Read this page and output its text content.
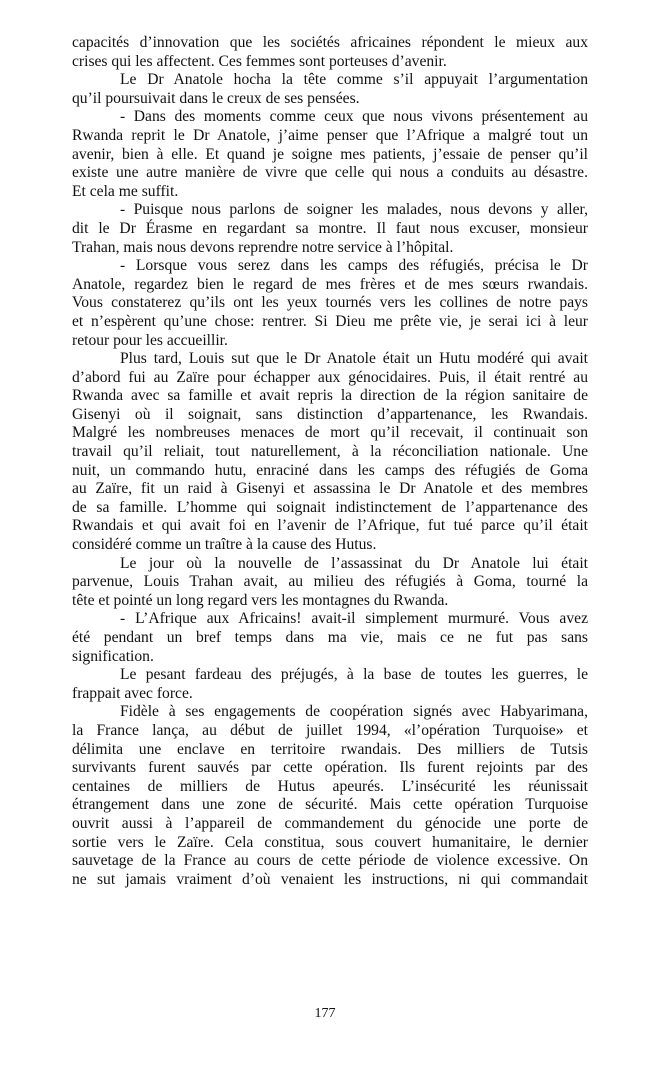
capacités d’innovation que les sociétés africaines répondent le mieux aux
crises qui les affectent. Ces femmes sont porteuses d’avenir.
Le Dr Anatole hocha la tête comme s’il appuyait l’argumentation
qu’il poursuivait dans le creux de ses pensées.
- Dans des moments comme ceux que nous vivons présentement au
Rwanda reprit le Dr Anatole, j’aime penser que l’Afrique a malgré tout un
avenir, bien à elle. Et quand je soigne mes patients, j’essaie de penser qu’il
existe une autre manière de vivre que celle qui nous a conduits au désastre.
Et cela me suffit.
- Puisque nous parlons de soigner les malades, nous devons y aller,
dit le Dr Érasme en regardant sa montre. Il faut nous excuser, monsieur
Trahan, mais nous devons reprendre notre service à l’hôpital.
- Lorsque vous serez dans les camps des réfugiés, précisa le Dr
Anatole, regardez bien le regard de mes frères et de mes sœurs rwandais.
Vous constaterez qu’ils ont les yeux tournés vers les collines de notre pays
et n’espèrent qu’une chose: rentrer. Si Dieu me prête vie, je serai ici à leur
retour pour les accueillir.
Plus tard, Louis sut que le Dr Anatole était un Hutu modéré qui avait
d’abord fui au Zaïre pour échapper aux génocidaires. Puis, il était rentré au
Rwanda avec sa famille et avait repris la direction de la région sanitaire de
Gisenyi où il soignait, sans distinction d’appartenance, les Rwandais.
Malgré les nombreuses menaces de mort qu’il recevait, il continuait son
travail qu’il reliait, tout naturellement, à la réconciliation nationale. Une
nuit, un commando hutu, enraciné dans les camps des réfugiés de Goma
au Zaïre, fit un raid à Gisenyi et assassina le Dr Anatole et des membres
de sa famille. L’homme qui soignait indistinctement de l’appartenance des
Rwandais et qui avait foi en l’avenir de l’Afrique, fut tué parce qu’il était
considéré comme un traître à la cause des Hutus.
Le jour où la nouvelle de l’assassinat du Dr Anatole lui était
parvenue, Louis Trahan avait, au milieu des réfugiés à Goma, tourné la
tête et pointé un long regard vers les montagnes du Rwanda.
- L’Afrique aux Africains! avait-il simplement murmuré. Vous avez
été pendant un bref temps dans ma vie, mais ce ne fut pas sans
signification.
Le pesant fardeau des préjugés, à la base de toutes les guerres, le
frappait avec force.
Fidèle à ses engagements de coopération signés avec Habyarimana,
la France lança, au début de juillet 1994, «l’opération Turquoise» et
délimita une enclave en territoire rwandais. Des milliers de Tutsis
survivants furent sauvés par cette opération. Ils furent rejoints par des
centaines de milliers de Hutus apeurés. L’insécurité les réunissait
étrangement dans une zone de sécurité. Mais cette opération Turquoise
ouvrit aussi à l’appareil de commandement du génocide une porte de
sortie vers le Zaïre. Cela constitua, sous couvert humanitaire, le dernier
sauvetage de la France au cours de cette période de violence excessive. On
ne sut jamais vraiment d’où venaient les instructions, ni qui commandait
177
